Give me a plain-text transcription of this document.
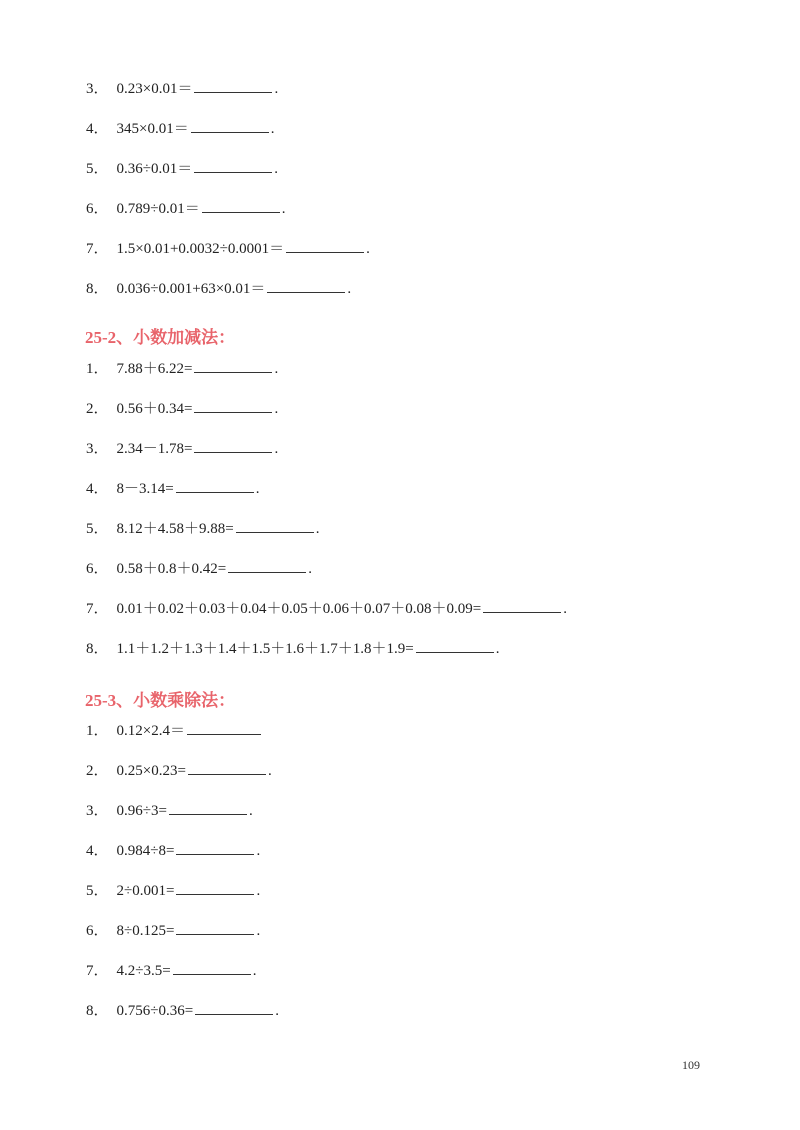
3． 0.23×0.01＝	.
4． 345×0.01＝	.
5． 0.36÷0.01＝	.
6． 0.789÷0.01＝	.
7． 1.5×0.01+0.0032÷0.0001＝	.
8． 0.036÷0.001+63×0.01＝	.
25-2、小数加减法：
1． 7.88＋6.22=	.
2． 0.56＋0.34=	.
3． 2.34－1.78=	.
4． 8－3.14=	.
5． 8.12＋4.58＋9.88=	.
6． 0.58＋0.8＋0.42=	.
7． 0.01＋0.02＋0.03＋0.04＋0.05＋0.06＋0.07＋0.08＋0.09=	.
8． 1.1＋1.2＋1.3＋1.4＋1.5＋1.6＋1.7＋1.8＋1.9=	.
25-3、小数乘除法：
1． 0.12×2.4＝
2． 0.25×0.23=	.
3． 0.96÷3=	.
4． 0.984÷8=	.
5． 2÷0.001=	.
6． 8÷0.125=	.
7． 4.2÷3.5=	.
8． 0.756÷0.36=	.
109
